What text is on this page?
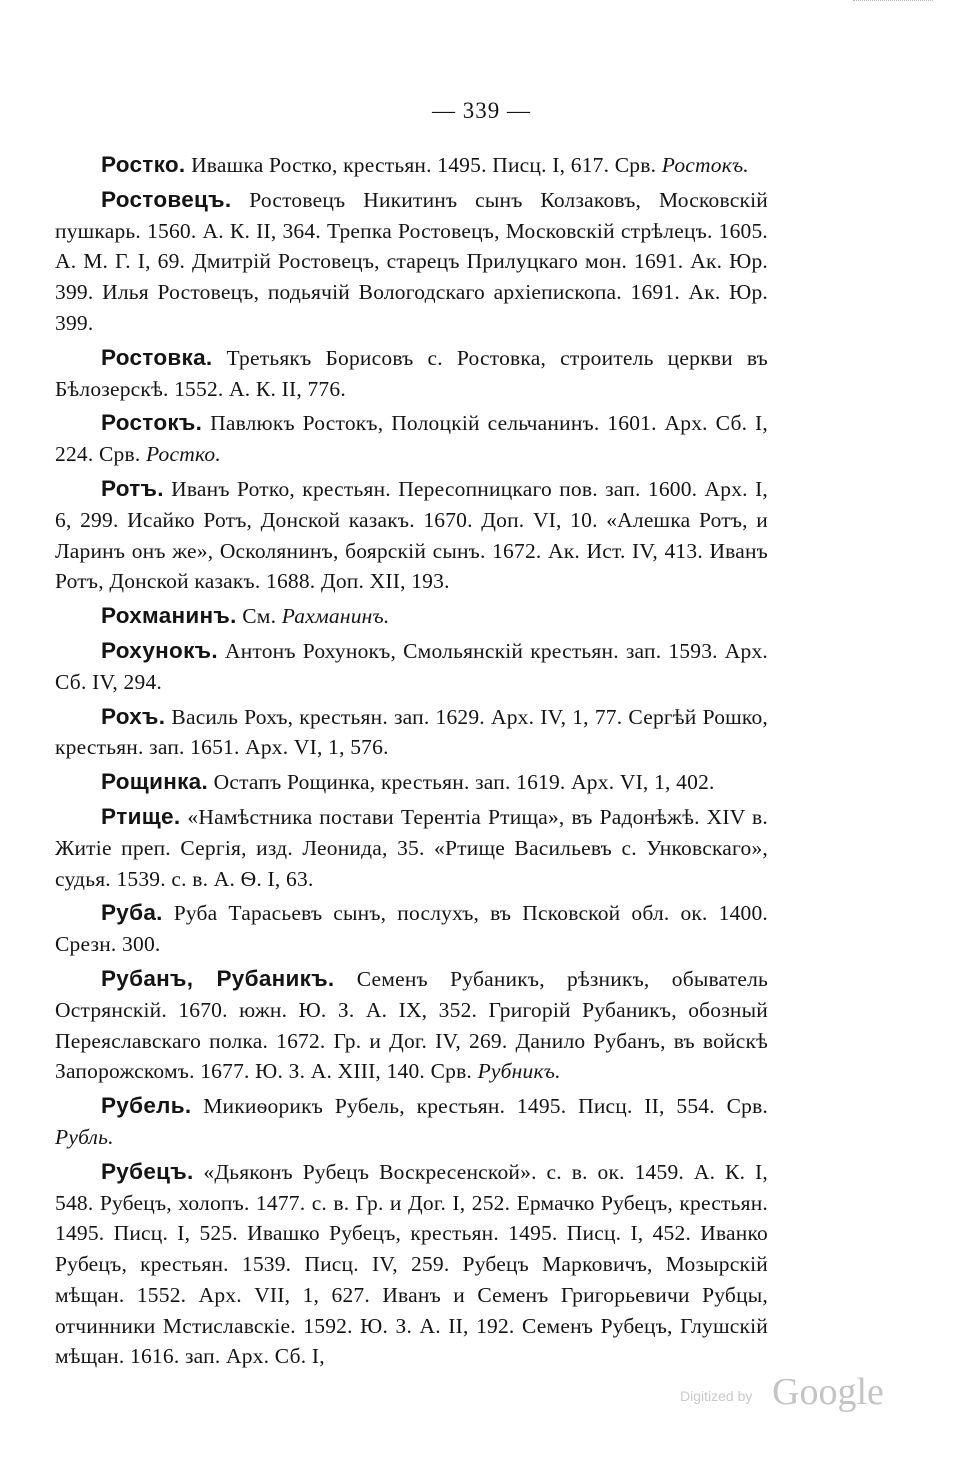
— 339 —

Ростко. Ивашка Ростко, крестьян. 1495. Писц. I, 617. Срв. Ростокъ.

Ростовецъ. Ростовецъ Никитинъ сынъ Колзаковъ, Московскій пушкарь. 1560. А. К. II, 364. Трепка Ростовецъ, Московскій стрѣлецъ. 1605. А. М. Г. I, 69. Дмитрій Ростовецъ, старецъ Прилуцкаго мон. 1691. Ак. Юр. 399. Илья Ростовецъ, подьячій Вологодскаго архіепископа. 1691. Ак. Юр. 399.

Ростовка. Третьякъ Борисовъ с. Ростовка, строитель церкви въ Бѣлозерскѣ. 1552. А. К. II, 776.

Ростокъ. Павлюкъ Ростокъ, Полоцкій сельчанинъ. 1601. Арх. Сб. I, 224. Срв. Ростко.

Ротъ. Иванъ Ротко, крестьян. Пересопницкаго пов. зап. 1600. Арх. I, 6, 299. Исайко Ротъ, Донской казакъ. 1670. Доп. VI, 10. «Алешка Ротъ, и Ларинъ онъ же», Осколянинъ, боярскій сынъ. 1672. Ак. Ист. IV, 413. Иванъ Ротъ, Донской казакъ. 1688. Доп. XII, 193.

Рохманинъ. См. Рахманинъ.

Рохунокъ. Антонъ Рохунокъ, Смольянскій крестьян. зап. 1593. Арх. Сб. IV, 294.

Рохъ. Василь Рохъ, крестьян. зап. 1629. Арх. IV, 1, 77. Сергѣй Рошко, крестьян. зап. 1651. Арх. VI, 1, 576.

Рощинка. Остапъ Рощинка, крестьян. зап. 1619. Арх. VI, 1, 402.

Ртище. «Намѣстника постави Терентіа Ртища», въ Радонѣжѣ. XIV в. Житіе преп. Сергія, изд. Леонида, 35. «Ртище Васильевъ с. Унковскаго», судья. 1539. с. в. А. Ѳ. I, 63.

Руба. Руба Тарасьевъ сынъ, послухъ, въ Псковской обл. ок. 1400. Срезн. 300.

Рубанъ, Рубаникъ. Семенъ Рубаникъ, рѣзникъ, обыватель Острянскій. 1670. южн. Ю. З. А. IX, 352. Григорій Рубаникъ, обозный Переяславскаго полка. 1672. Гр. и Дог. IV, 269. Данило Рубанъ, въ войскѣ Запорожскомъ. 1677. Ю. З. А. XIII, 140. Срв. Рубникъ.

Рубель. Микиѳорикъ Рубель, крестьян. 1495. Писц. II, 554. Срв. Рубль.

Рубецъ. «Дьяконъ Рубецъ Воскресенской». с. в. ок. 1459. А. К. I, 548. Рубецъ, холопъ. 1477. с. в. Гр. и Дог. I, 252. Ермачко Рубецъ, крестьян. 1495. Писц. I, 525. Ивашко Рубецъ, крестьян. 1495. Писц. I, 452. Иванко Рубецъ, крестьян. 1539. Писц. IV, 259. Рубецъ Марковичъ, Мозырскій мѣщан. 1552. Арх. VII, 1, 627. Иванъ и Семенъ Григорьевичи Рубцы, отчинники Мстиславскіе. 1592. Ю. З. А. II, 192. Семенъ Рубецъ, Глушскій мѣщан. 1616. зап. Арх. Сб. I,

Digitized by Google
